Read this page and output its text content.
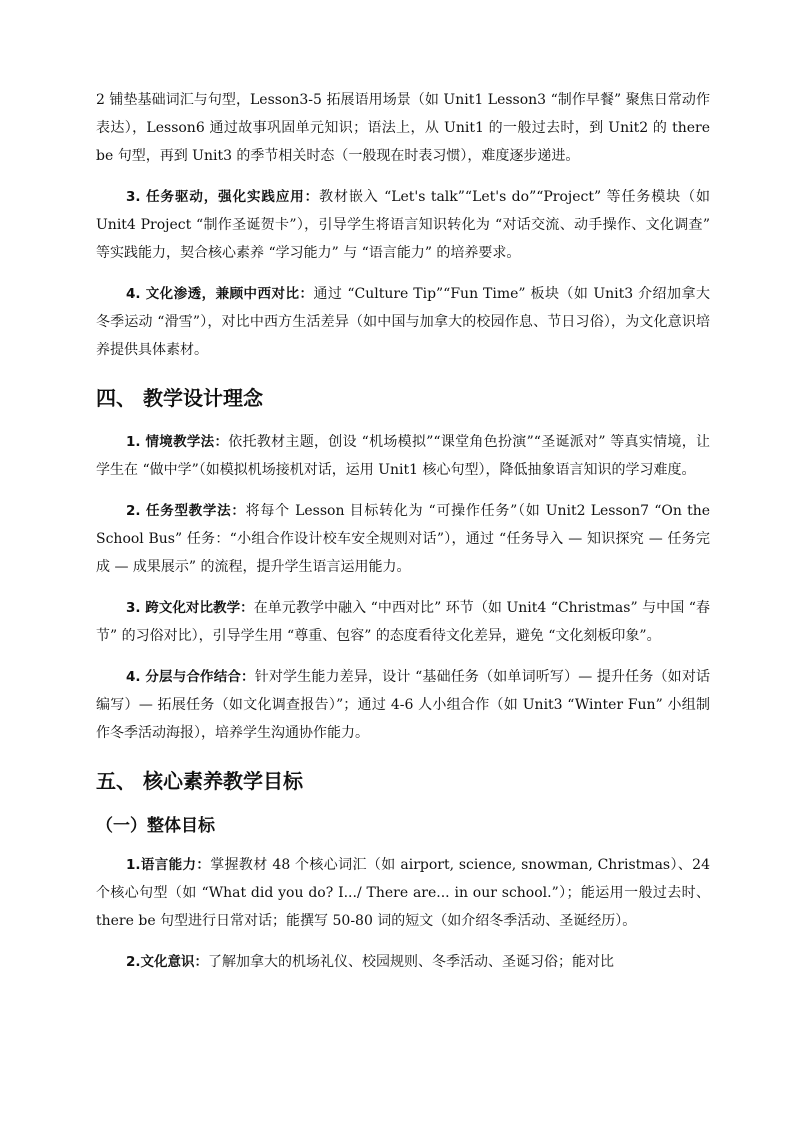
2 铺垫基础词汇与句型，Lesson3-5 拓展语用场景（如 Unit1 Lesson3 “制作早餐” 聚焦日常动作表达），Lesson6 通过故事巩固单元知识；语法上，从 Unit1 的一般过去时，到 Unit2 的 there be 句型，再到 Unit3 的季节相关时态（一般现在时表习惯），难度逐步递进。

3. 任务驱动，强化实践应用：教材嵌入 “Let's talk”“Let's do”“Project” 等任务模块（如 Unit4 Project “制作圣诞贺卡”），引导学生将语言知识转化为 “对话交流、动手操作、文化调查” 等实践能力，契合核心素养 “学习能力” 与 “语言能力” 的培养要求。

4. 文化渗透，兼顾中西对比：通过 “Culture Tip”“Fun Time” 板块（如 Unit3 介绍加拿大冬季运动 “滑雪”），对比中西方生活差异（如中国与加拿大的校园作息、节日习俗），为文化意识培养提供具体素材。

四、 教学设计理念

1. 情境教学法：依托教材主题，创设 “机场模拟”“课堂角色扮演”“圣诞派对” 等真实情境，让学生在 “做中学”（如模拟机场接机对话，运用 Unit1 核心句型），降低抽象语言知识的学习难度。

2. 任务型教学法：将每个 Lesson 目标转化为 “可操作任务”（如 Unit2 Lesson7 “On the School Bus” 任务：“小组合作设计校车安全规则对话”），通过 “任务导入 — 知识探究 — 任务完成 — 成果展示” 的流程，提升学生语言运用能力。

3. 跨文化对比教学：在单元教学中融入 “中西对比” 环节（如 Unit4 “Christmas” 与中国 “春节” 的习俗对比），引导学生用 “尊重、包容” 的态度看待文化差异，避免 “文化刻板印象”。

4. 分层与合作结合：针对学生能力差异，设计 “基础任务（如单词听写）— 提升任务（如对话编写）— 拓展任务（如文化调查报告）”；通过 4-6 人小组合作（如 Unit3 “Winter Fun” 小组制作冬季活动海报），培养学生沟通协作能力。

五、 核心素养教学目标
（一）整体目标

1.语言能力：掌握教材 48 个核心词汇（如 airport, science, snowman, Christmas）、24 个核心句型（如 “What did you do? I.../ There are... in our school.”）；能运用一般过去时、there be 句型进行日常对话；能撰写 50-80 词的短文（如介绍冬季活动、圣诞经历）。

2.文化意识：了解加拿大的机场礼仪、校园规则、冬季活动、圣诞习俗；能对比
